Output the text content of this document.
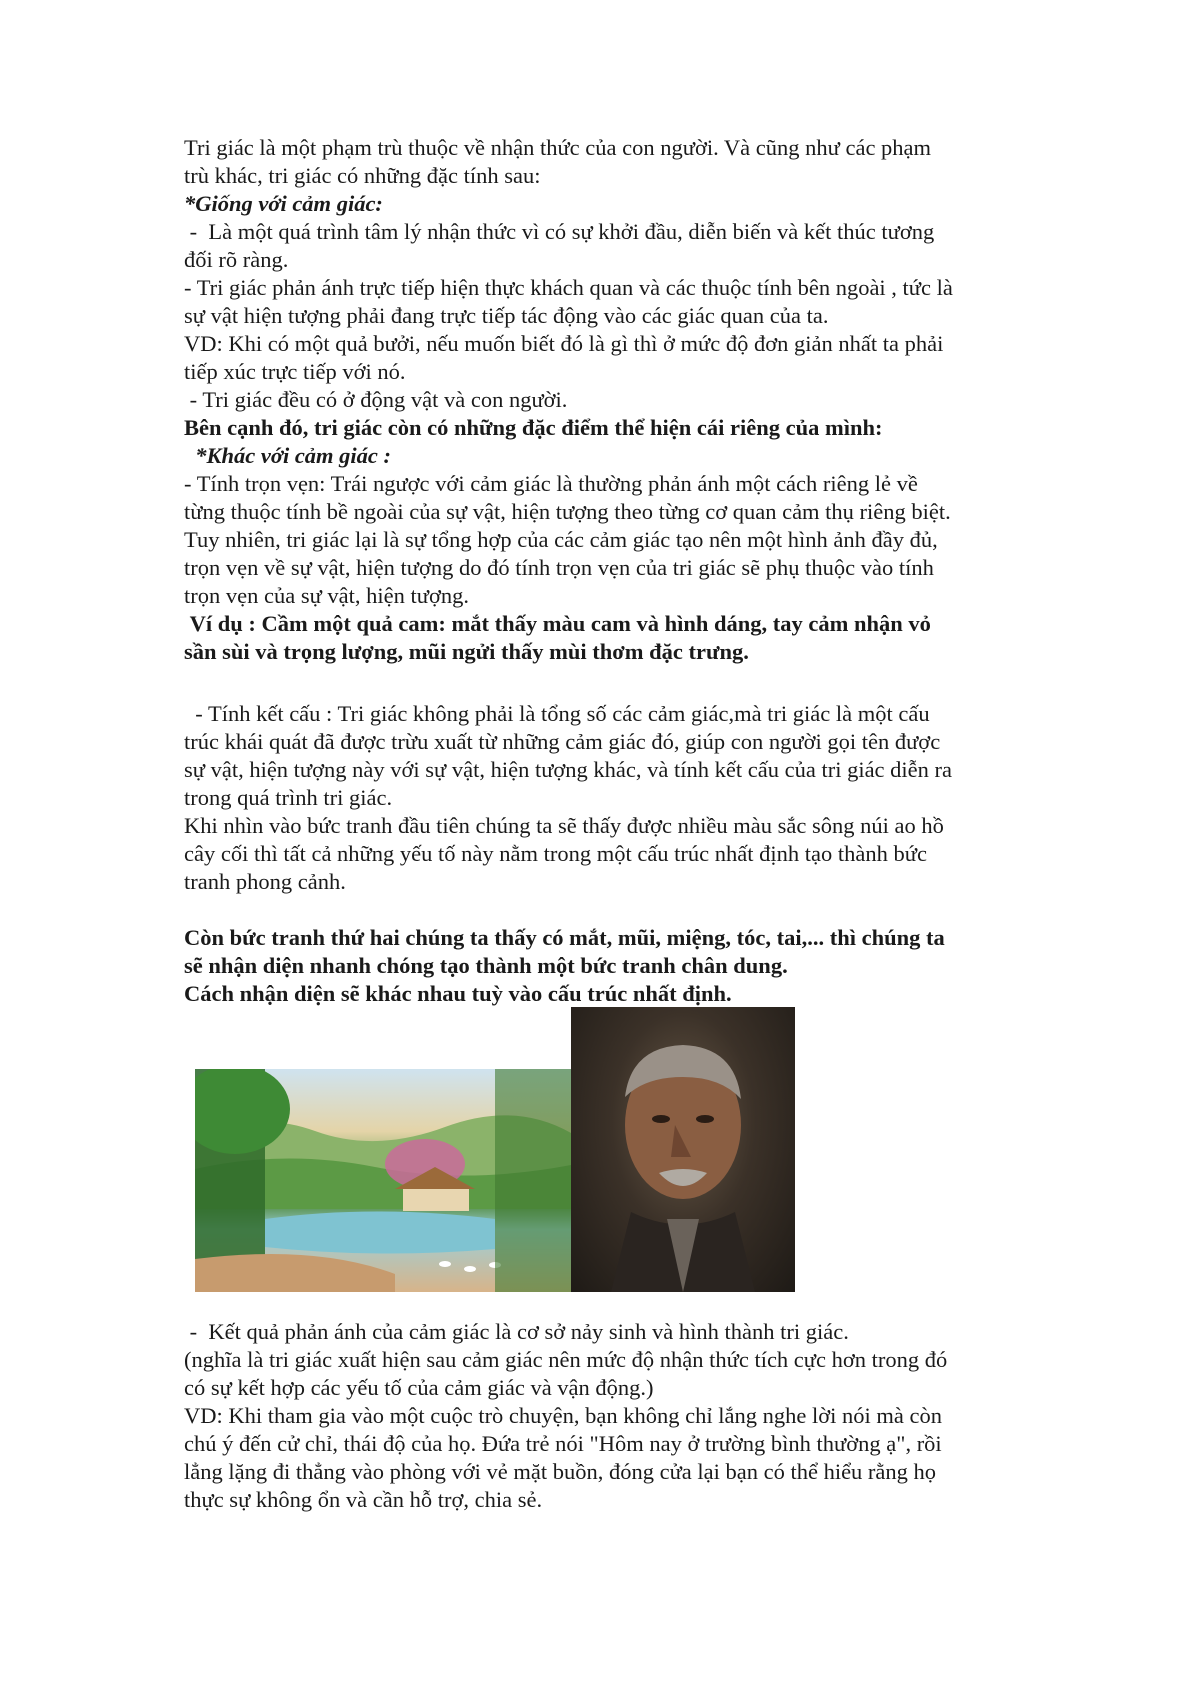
Tri giác là một phạm trù thuộc về nhận thức của con người. Và cũng như các phạm
trù khác, tri giác có những đặc tính sau:

*Giống với cảm giác:

-  Là một quá trình tâm lý nhận thức vì có sự khởi đầu, diễn biến và kết thúc tương
đối rõ ràng.

- Tri giác phản ánh trực tiếp hiện thực khách quan và các thuộc tính bên ngoài , tức là
sự vật hiện tượng phải đang trực tiếp tác động vào các giác quan của ta.

VD: Khi có một quả bưởi, nếu muốn biết đó là gì thì ở mức độ đơn giản nhất ta phải
tiếp xúc trực tiếp với nó.

- Tri giác đều có ở động vật và con người.

Bên cạnh đó, tri giác còn có những đặc điểm thể hiện cái riêng của mình:

*Khác với cảm giác :

- Tính trọn vẹn: Trái ngược với cảm giác là thường phản ánh một cách riêng lẻ về
từng thuộc tính bề ngoài của sự vật, hiện tượng theo từng cơ quan cảm thụ riêng biệt.
Tuy nhiên, tri giác lại là sự tổng hợp của các cảm giác tạo nên một hình ảnh đầy đủ,
trọn vẹn về sự vật, hiện tượng do đó tính trọn vẹn của tri giác sẽ phụ thuộc vào tính
trọn vẹn của sự vật, hiện tượng.

Ví dụ : Cầm một quả cam: mắt thấy màu cam và hình dáng, tay cảm nhận vỏ
sần sùi và trọng lượng, mũi ngửi thấy mùi thơm đặc trưng.

- Tính kết cấu : Tri giác không phải là tổng số các cảm giác,mà tri giác là một cấu
trúc khái quát đã được trừu xuất từ những cảm giác đó, giúp con người gọi tên được
sự vật, hiện tượng này với sự vật, hiện tượng khác, và tính kết cấu của tri giác diễn ra
trong quá trình tri giác.

Khi nhìn vào bức tranh đầu tiên chúng ta sẽ thấy được nhiều màu sắc sông núi ao hồ
cây cối thì tất cả những yếu tố này nằm trong một cấu trúc nhất định tạo thành bức
tranh phong cảnh.

Còn bức tranh thứ hai chúng ta thấy có mắt, mũi, miệng, tóc, tai,... thì chúng ta
sẽ nhận diện nhanh chóng tạo thành một bức tranh chân dung.
Cách nhận diện sẽ khác nhau tuỳ vào cấu trúc nhất định.

-  Kết quả phản ánh của cảm giác là cơ sở nảy sinh và hình thành tri giác.

(nghĩa là tri giác xuất hiện sau cảm giác nên mức độ nhận thức tích cực hơn trong đó
có sự kết hợp các yếu tố của cảm giác và vận động.)

VD: Khi tham gia vào một cuộc trò chuyện, bạn không chỉ lắng nghe lời nói mà còn
chú ý đến cử chỉ, thái độ của họ. Đứa trẻ nói "Hôm nay ở trường bình thường ạ", rồi
lẳng lặng đi thẳng vào phòng với vẻ mặt buồn, đóng cửa lại bạn có thể hiểu rằng họ
thực sự không ổn và cần hỗ trợ, chia sẻ.
